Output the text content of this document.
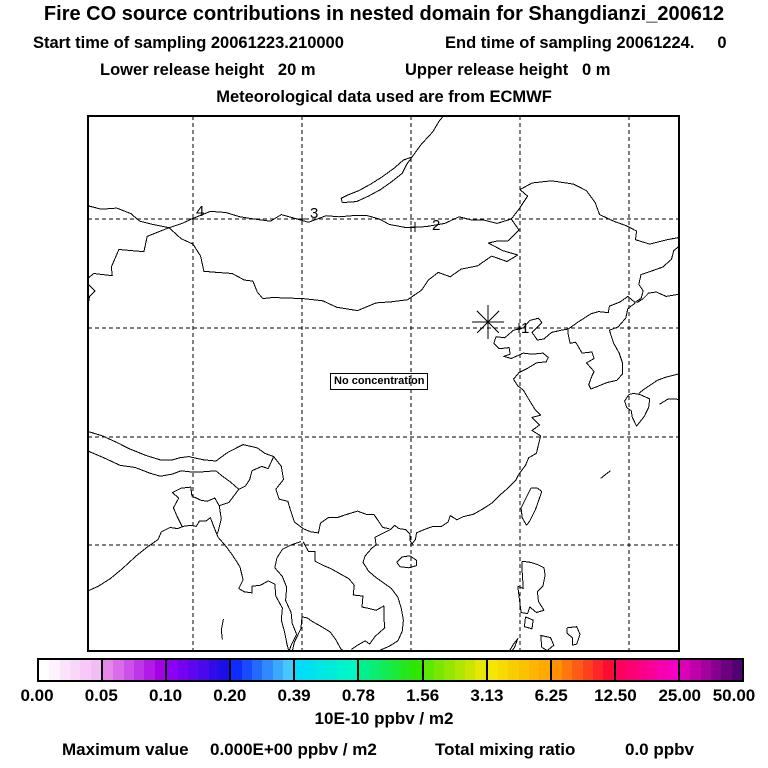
Fire CO source contributions in nested domain for Shangdianzi_200612
Start time of sampling 20061223.210000	End time of sampling 20061224.     0
Lower release height   20 m	Upper release height   0 m
Meteorological data used are from ECMWF
1
2
3
4
No concentration
0.00	0.05	0.10	0.20	0.39	0.78	1.56	3.13	6.25	12.50	25.00 50.00
10E-10 ppbv / m2
Maximum value 0.000E+00 ppbv / m2	Total mixing ratio	0.0 ppbv
